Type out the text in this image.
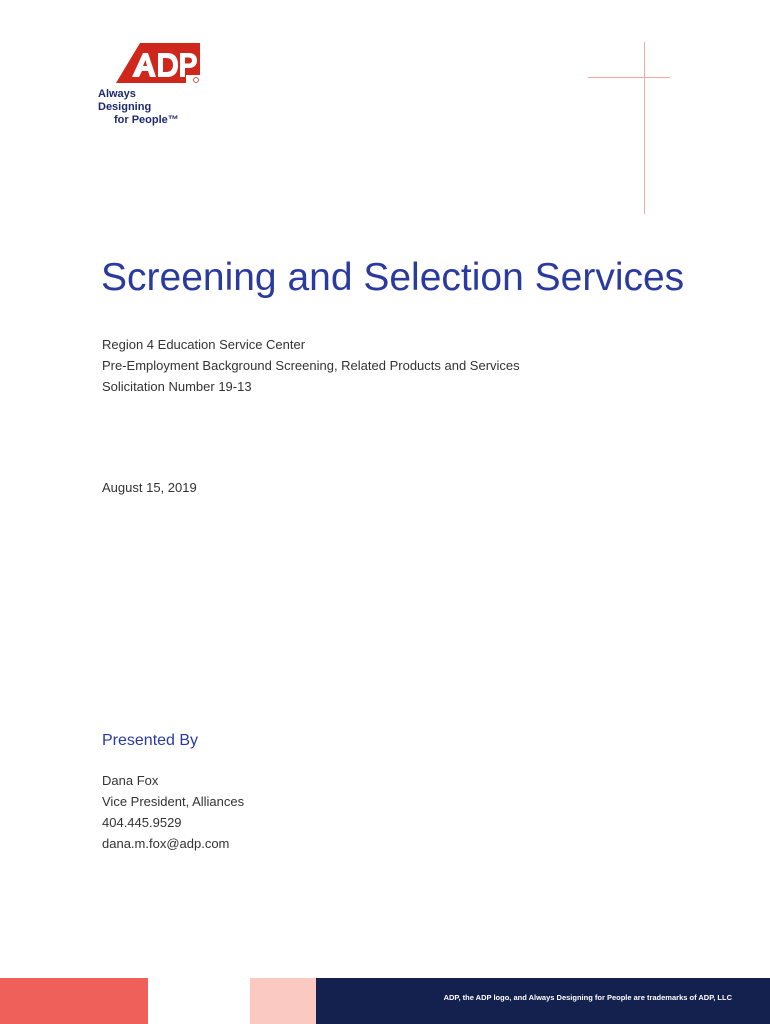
Always Designing
for People™
Screening and Selection Services
Region 4 Education Service Center
Pre-Employment Background Screening, Related Products and Services
Solicitation Number 19-13
August 15, 2019
Presented By
Dana Fox
Vice President, Alliances
404.445.9529
dana.m.fox@adp.com
ADP, the ADP logo, and Always Designing for People are trademarks of ADP, LLC
